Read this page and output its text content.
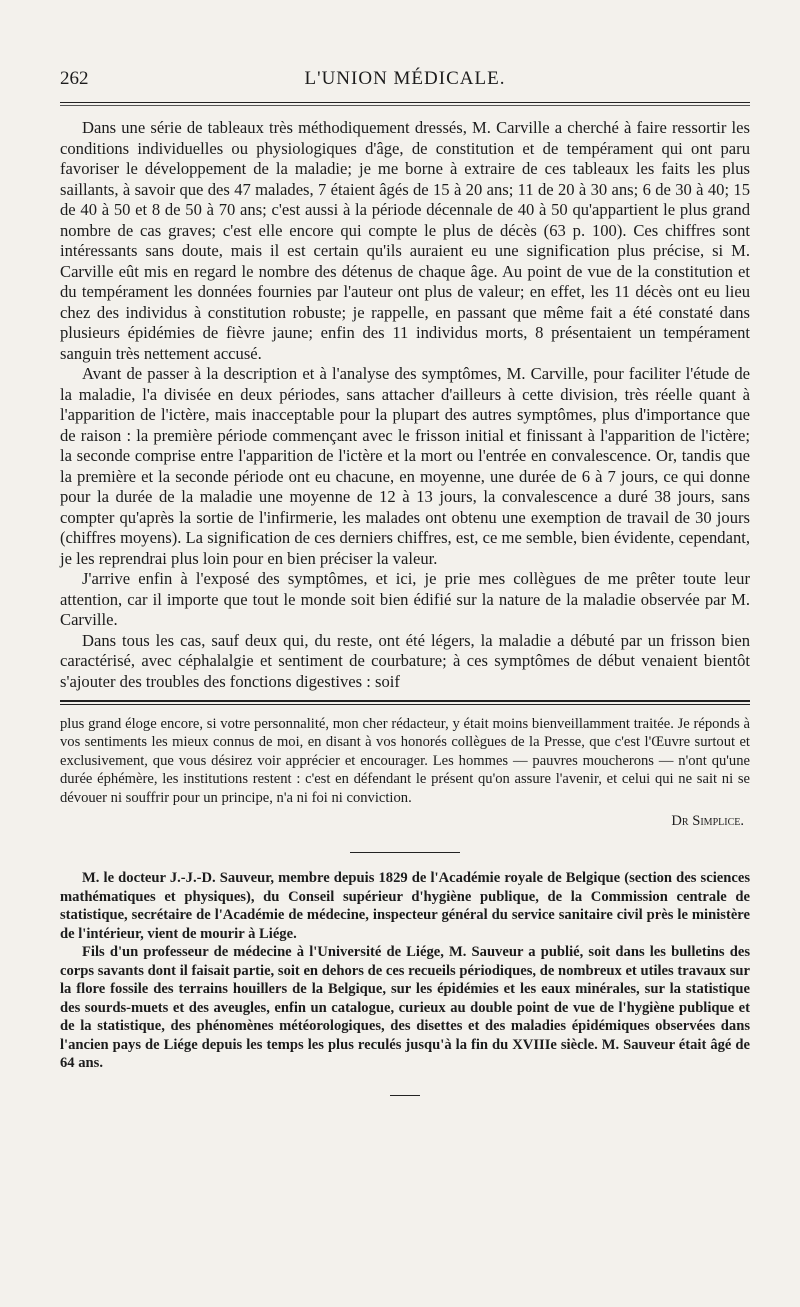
262	L'UNION MÉDICALE.

Dans une série de tableaux très méthodiquement dressés, M. Carville a cherché à faire ressortir les conditions individuelles ou physiologiques d'âge, de constitution et de tempérament qui ont paru favoriser le développement de la maladie; je me borne à extraire de ces tableaux les faits les plus saillants, à savoir que des 47 malades, 7 étaient âgés de 15 à 20 ans; 11 de 20 à 30 ans; 6 de 30 à 40; 15 de 40 à 50 et 8 de 50 à 70 ans; c'est aussi à la période décennale de 40 à 50 qu'appartient le plus grand nombre de cas graves; c'est elle encore qui compte le plus de décès (63 p. 100). Ces chiffres sont intéressants sans doute, mais il est certain qu'ils auraient eu une signification plus précise, si M. Carville eût mis en regard le nombre des détenus de chaque âge. Au point de vue de la constitution et du tempérament les données fournies par l'auteur ont plus de valeur; en effet, les 11 décès ont eu lieu chez des individus à constitution robuste; je rappelle, en passant que même fait a été constaté dans plusieurs épidémies de fièvre jaune; enfin des 11 individus morts, 8 présentaient un tempérament sanguin très nettement accusé.

Avant de passer à la description et à l'analyse des symptômes, M. Carville, pour faciliter l'étude de la maladie, l'a divisée en deux périodes, sans attacher d'ailleurs à cette division, très réelle quant à l'apparition de l'ictère, mais inacceptable pour la plupart des autres symptômes, plus d'importance que de raison : la première période commençant avec le frisson initial et finissant à l'apparition de l'ictère; la seconde comprise entre l'apparition de l'ictère et la mort ou l'entrée en convalescence. Or, tandis que la première et la seconde période ont eu chacune, en moyenne, une durée de 6 à 7 jours, ce qui donne pour la durée de la maladie une moyenne de 12 à 13 jours, la convalescence a duré 38 jours, sans compter qu'après la sortie de l'infirmerie, les malades ont obtenu une exemption de travail de 30 jours (chiffres moyens). La signification de ces derniers chiffres, est, ce me semble, bien évidente, cependant, je les reprendrai plus loin pour en bien préciser la valeur.

J'arrive enfin à l'exposé des symptômes, et ici, je prie mes collègues de me prêter toute leur attention, car il importe que tout le monde soit bien édifié sur la nature de la maladie observée par M. Carville.

Dans tous les cas, sauf deux qui, du reste, ont été légers, la maladie a débuté par un frisson bien caractérisé, avec céphalalgie et sentiment de courbature; à ces symptômes de début venaient bientôt s'ajouter des troubles des fonctions digestives : soif

plus grand éloge encore, si votre personnalité, mon cher rédacteur, y était moins bienveillamment traitée. Je réponds à vos sentiments les mieux connus de moi, en disant à vos honorés collègues de la Presse, que c'est l'Œuvre surtout et exclusivement, que vous désirez voir apprécier et encourager. Les hommes — pauvres moucherons — n'ont qu'une durée éphémère, les institutions restent : c'est en défendant le présent qu'on assure l'avenir, et celui qui ne sait ni se dévouer ni souffrir pour un principe, n'a ni foi ni conviction.

Dr Simplice.

M. le docteur J.-J.-D. Sauveur, membre depuis 1829 de l'Académie royale de Belgique (section des sciences mathématiques et physiques), du Conseil supérieur d'hygiène publique, de la Commission centrale de statistique, secrétaire de l'Académie de médecine, inspecteur général du service sanitaire civil près le ministère de l'intérieur, vient de mourir à Liége.

Fils d'un professeur de médecine à l'Université de Liége, M. Sauveur a publié, soit dans les bulletins des corps savants dont il faisait partie, soit en dehors de ces recueils périodiques, de nombreux et utiles travaux sur la flore fossile des terrains houillers de la Belgique, sur les épidémies et les eaux minérales, sur la statistique des sourds-muets et des aveugles, enfin un catalogue, curieux au double point de vue de l'hygiène publique et de la statistique, des phénomènes météorologiques, des disettes et des maladies épidémiques observées dans l'ancien pays de Liége depuis les temps les plus reculés jusqu'à la fin du XVIIIe siècle. M. Sauveur était âgé de 64 ans.
